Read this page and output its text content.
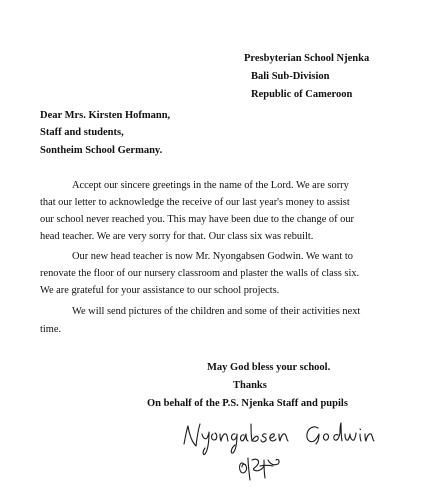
Presbyterian School Njenka
Bali Sub-Division
Republic of Cameroon
Dear Mrs. Kirsten Hofmann,
Staff and students,
Sontheim School Germany.
Accept our sincere greetings in the name of the Lord. We are sorry
that our letter to acknowledge the receive of our last year's money to assist
our school never reached you. This may have been due to the change of our
head teacher. We are very sorry for that. Our class six was rebuilt.
Our new head teacher is now Mr. Nyongabsen Godwin. We want to
renovate the floor of our nursery classroom and plaster the walls of class six.
We are grateful for your assistance to our school projects.
We will send pictures of the children and some of their activities next
time.
May God bless your school.
Thanks
On behalf of the P.S. Njenka Staff and pupils
